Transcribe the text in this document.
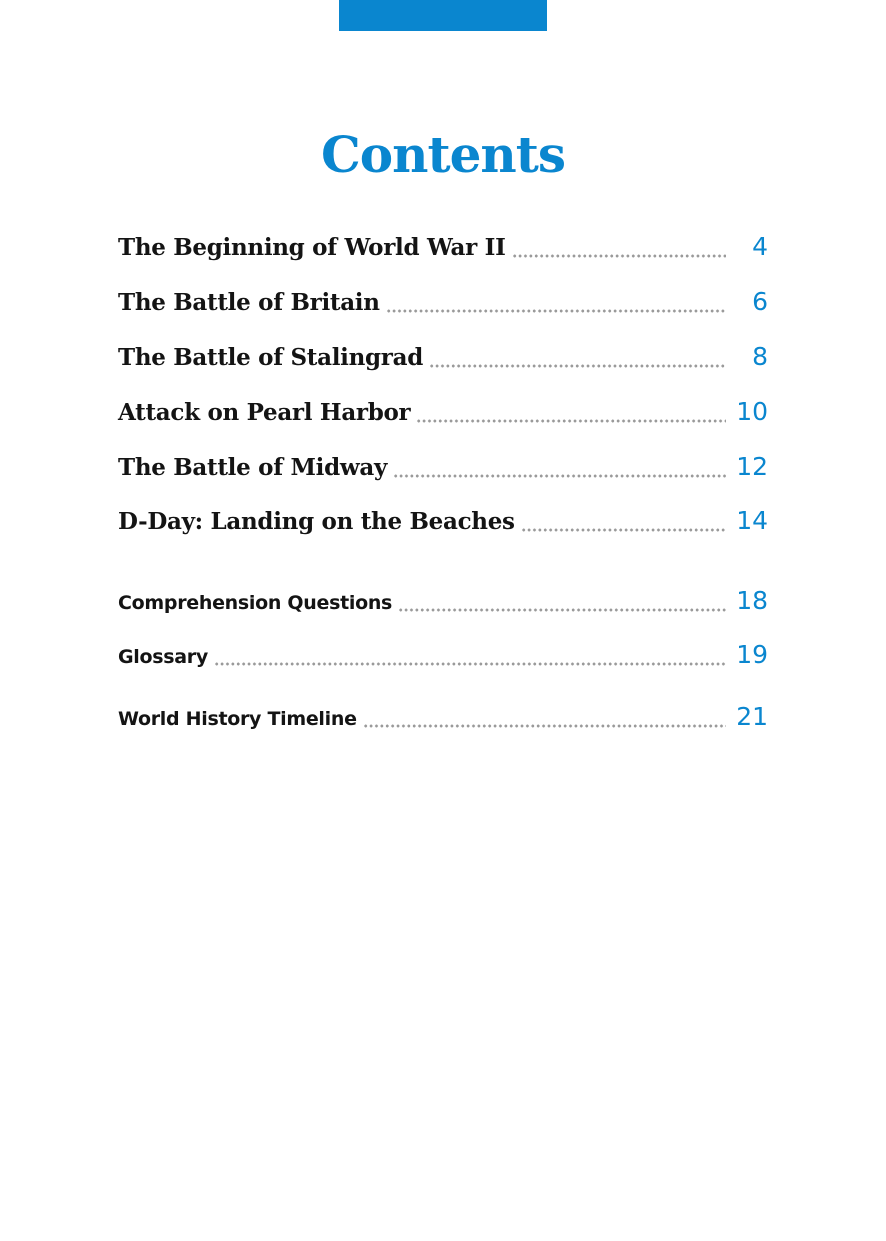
Contents
The Beginning of World War II	4
The Battle of Britain	6
The Battle of Stalingrad	8
Attack on Pearl Harbor	10
The Battle of Midway	12
D-Day: Landing on the Beaches	14
Comprehension Questions	18
Glossary	19
World History Timeline	21
